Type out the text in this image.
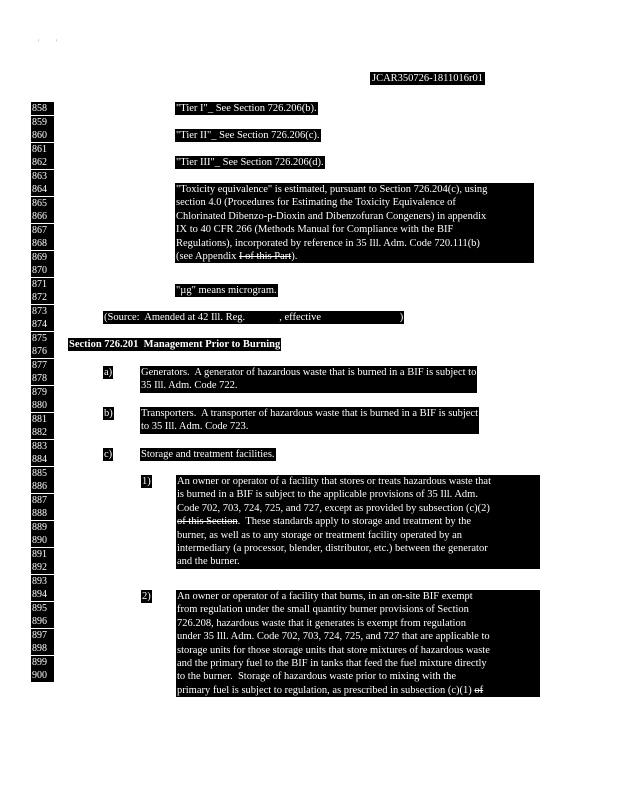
'        '
JCAR350726-1811016r01
858
859
860
861
862
863
864
865
866
867
868
869
870
871
872
873
874
875
876
877
878
879
880
881
882
883
884
885
886
887
888
889
890
891
892
893
894
895
896
897
898
899
900
"Tier I"_ See Section 726.206(b).
"Tier II"_ See Section 726.206(c).
"Tier III"_ See Section 726.206(d).
"Toxicity equivalence" is estimated, pursuant to Section 726.204(c), using
section 4.0 (Procedures for Estimating the Toxicity Equivalence of
Chlorinated Dibenzo-p-Dioxin and Dibenzofuran Congeners) in appendix
IX to 40 CFR 266 (Methods Manual for Compliance with the BIF
Regulations), incorporated by reference in 35 Ill. Adm. Code 720.111(b)
(see Appendix I of this Part).
"µg" means microgram.
(Source:  Amended at 42 Ill. Reg.             , effective                              )
Section 726.201  Management Prior to Burning
a)	Generators.  A generator of hazardous waste that is burned in a BIF is subject to
35 Ill. Adm. Code 722.
b)	Transporters.  A transporter of hazardous waste that is burned in a BIF is subject
to 35 Ill. Adm. Code 723.
c)	Storage and treatment facilities.
1)	An owner or operator of a facility that stores or treats hazardous waste that
is burned in a BIF is subject to the applicable provisions of 35 Ill. Adm.
Code 702, 703, 724, 725, and 727, except as provided by subsection (c)(2)
of this Section.  These standards apply to storage and treatment by the
burner, as well as to any storage or treatment facility operated by an
intermediary (a processor, blender, distributor, etc.) between the generator
and the burner.
2)	An owner or operator of a facility that burns, in an on-site BIF exempt
from regulation under the small quantity burner provisions of Section
726.208, hazardous waste that it generates is exempt from regulation
under 35 Ill. Adm. Code 702, 703, 724, 725, and 727 that are applicable to
storage units for those storage units that store mixtures of hazardous waste
and the primary fuel to the BIF in tanks that feed the fuel mixture directly
to the burner.  Storage of hazardous waste prior to mixing with the
primary fuel is subject to regulation, as prescribed in subsection (c)(1) of
